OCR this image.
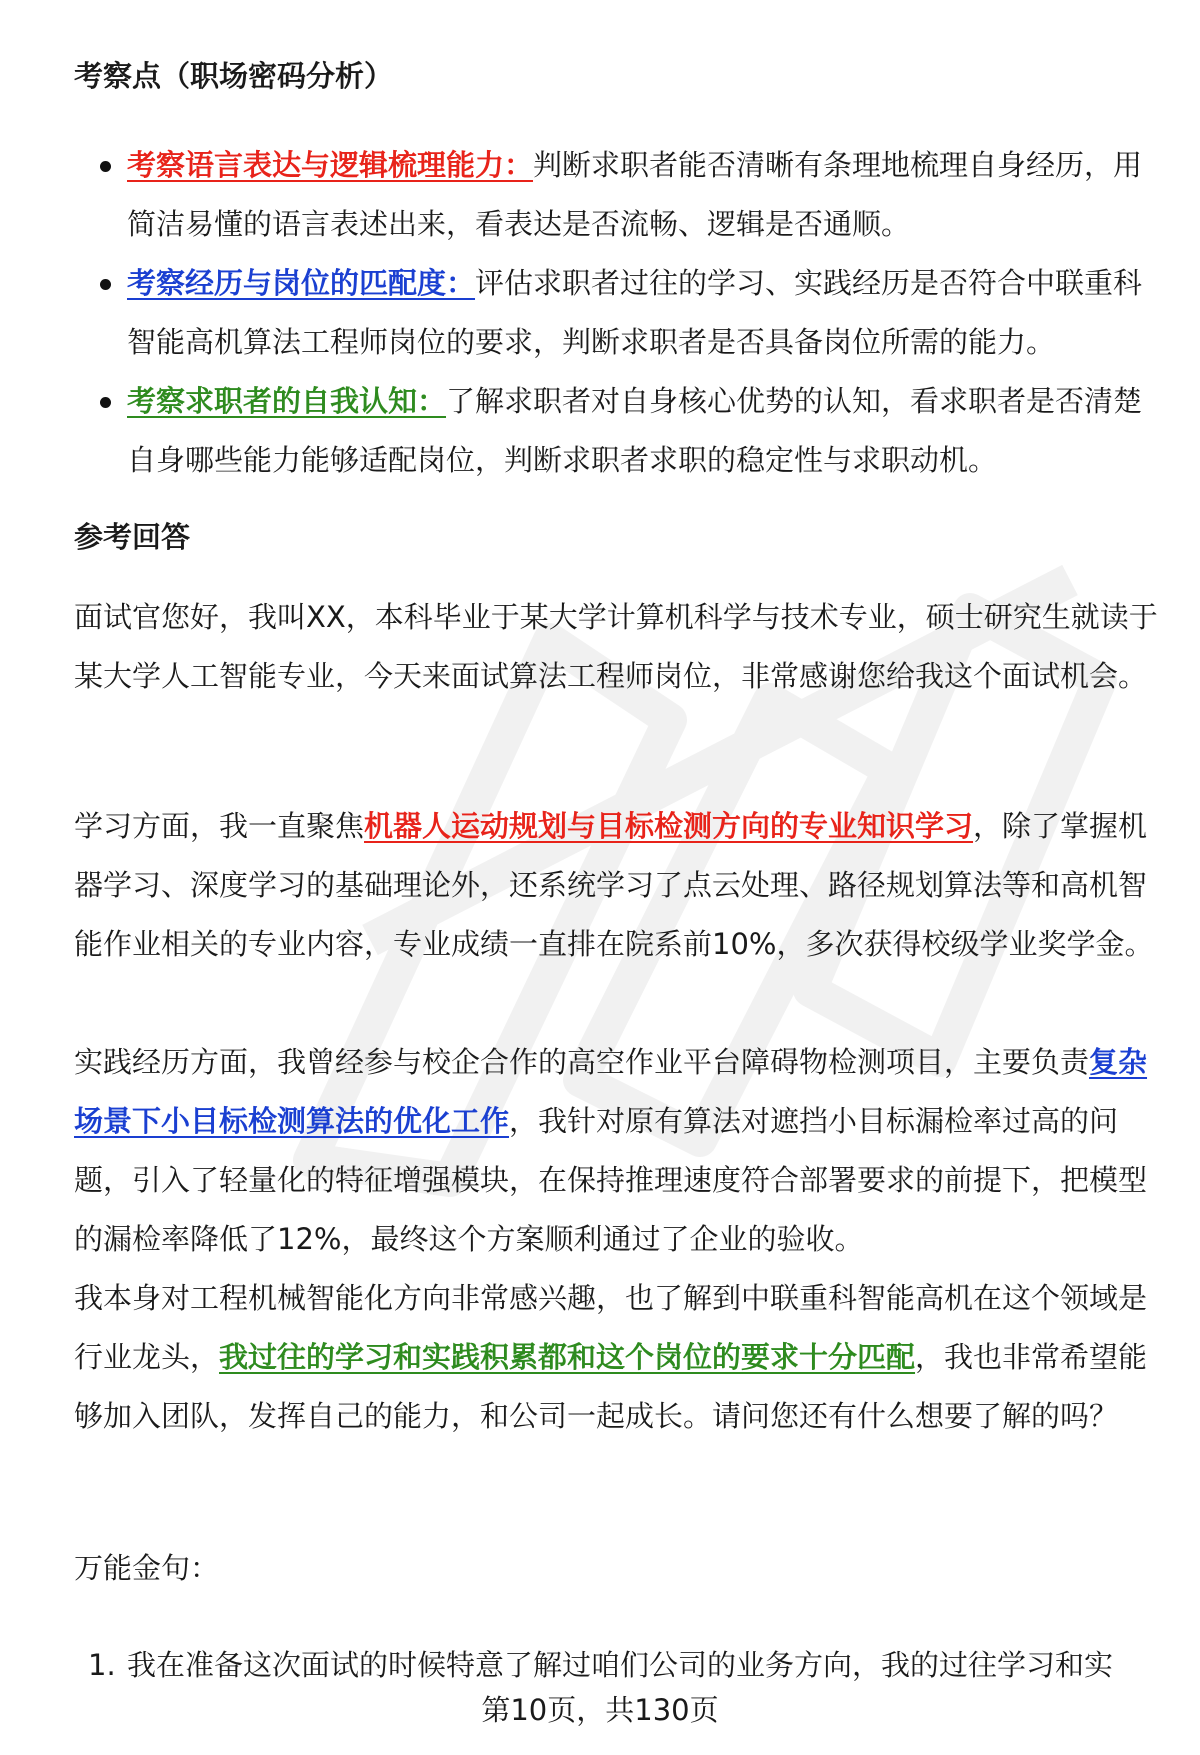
考察点（职场密码分析）
考察语言表达与逻辑梳理能力：判断求职者能否清晰有条理地梳理自身经历，用简洁易懂的语言表述出来，看表达是否流畅、逻辑是否通顺。
考察经历与岗位的匹配度：评估求职者过往的学习、实践经历是否符合中联重科智能高机算法工程师岗位的要求，判断求职者是否具备岗位所需的能力。
考察求职者的自我认知：了解求职者对自身核心优势的认知，看求职者是否清楚自身哪些能力能够适配岗位，判断求职者求职的稳定性与求职动机。
参考回答

面试官您好，我叫XX，本科毕业于某大学计算机科学与技术专业，硕士研究生就读于某大学人工智能专业，今天来面试算法工程师岗位，非常感谢您给我这个面试机会。

学习方面，我一直聚焦机器人运动规划与目标检测方向的专业知识学习，除了掌握机器学习、深度学习的基础理论外，还系统学习了点云处理、路径规划算法等和高机智能作业相关的专业内容，专业成绩一直排在院系前10%，多次获得校级学业奖学金。

实践经历方面，我曾经参与校企合作的高空作业平台障碍物检测项目，主要负责复杂场景下小目标检测算法的优化工作，我针对原有算法对遮挡小目标漏检率过高的问题，引入了轻量化的特征增强模块，在保持推理速度符合部署要求的前提下，把模型的漏检率降低了12%，最终这个方案顺利通过了企业的验收。

我本身对工程机械智能化方向非常感兴趣，也了解到中联重科智能高机在这个领域是行业龙头，我过往的学习和实践积累都和这个岗位的要求十分匹配，我也非常希望能够加入团队，发挥自己的能力，和公司一起成长。请问您还有什么想要了解的吗？

万能金句：
1. 我在准备这次面试的时候特意了解过咱们公司的业务方向，我的过往学习和实
第10页，共130页
